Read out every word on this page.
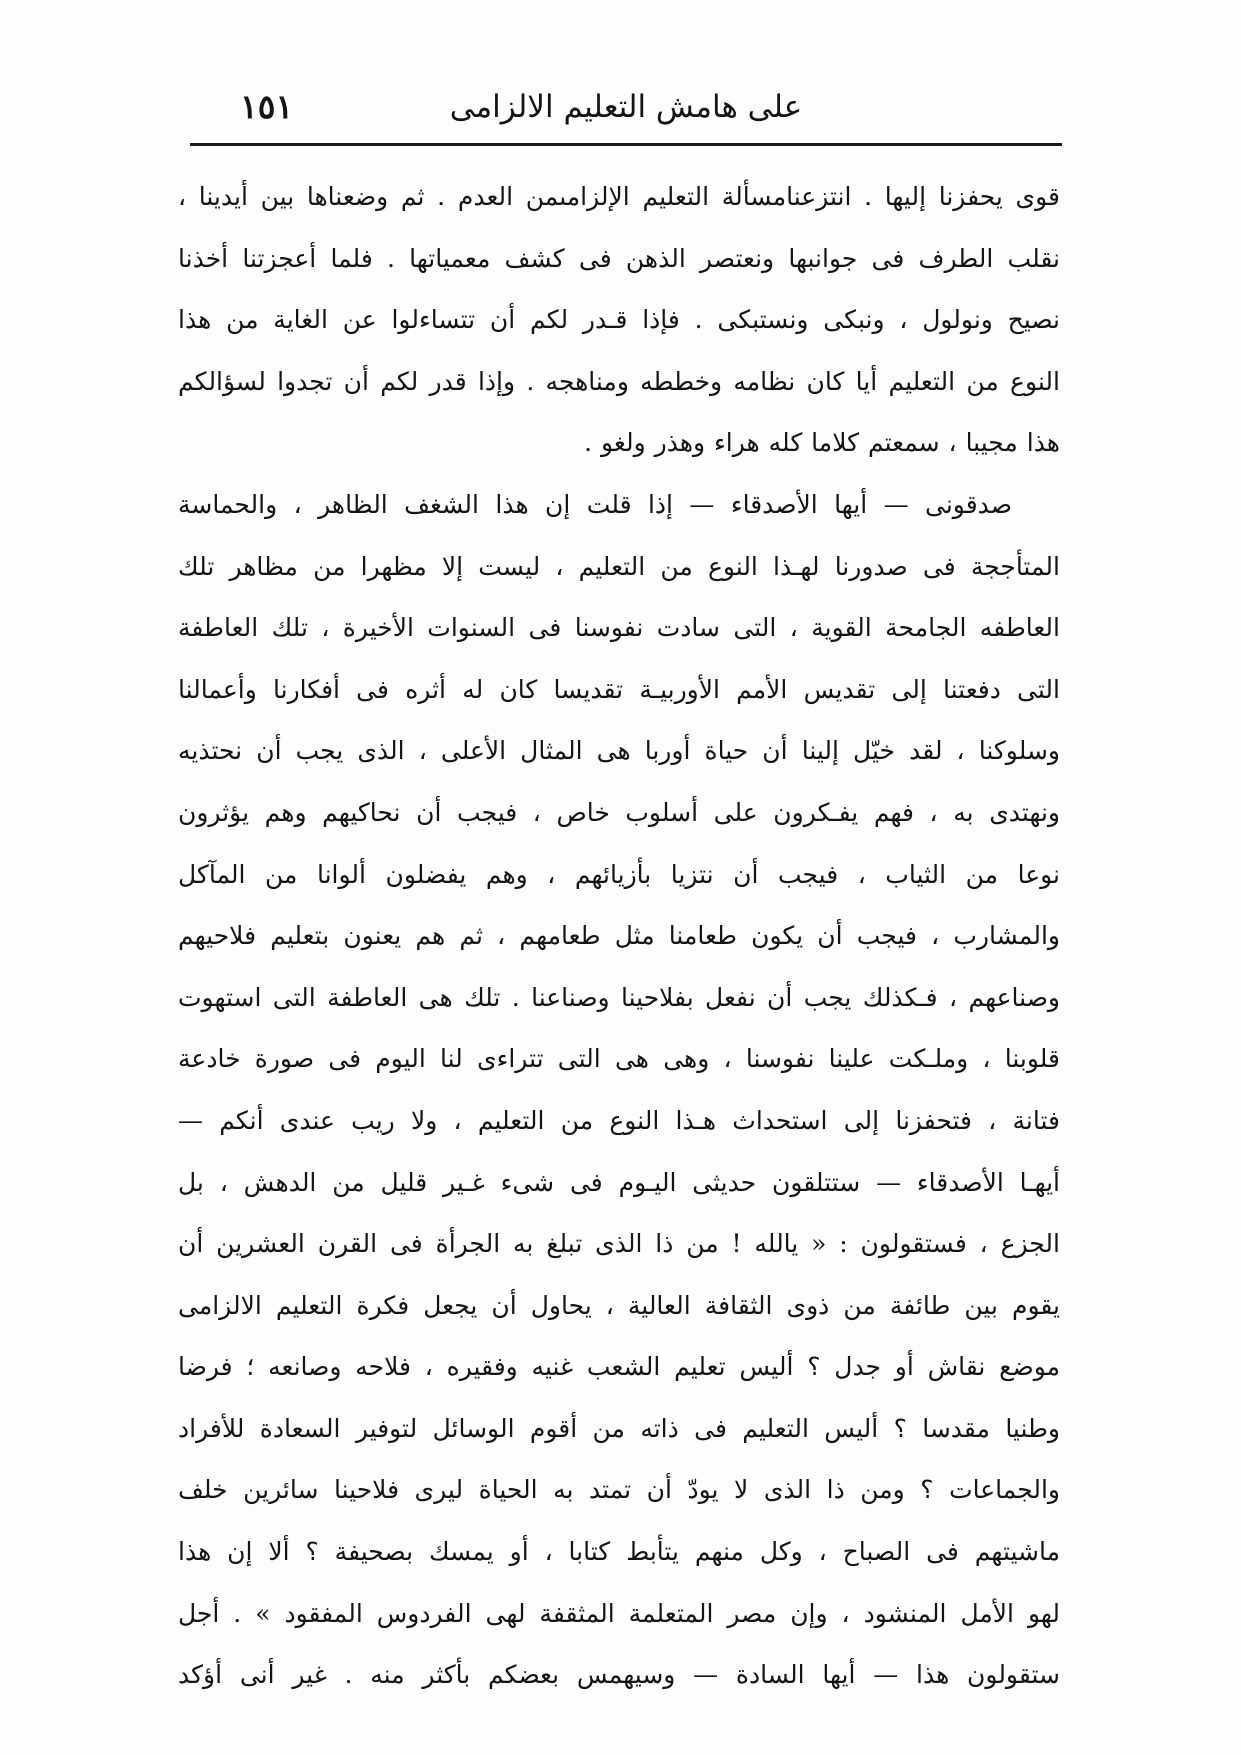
على هامش التعليم الالزامى
١٥١
قوى يحفزنا إليها . انتزعنامسألة التعليم الإلزامىمن العدم . ثم وضعناها بين أيدينا ،
نقلب الطرف فى جوانبها ونعتصر الذهن فى كشف معمياتها . فلما أعجزتنا أخذنا
نصيح ونولول ، ونبكى ونستبكى . فإذا قـدر لكم أن تتساءلوا عن الغاية من هذا
النوع من التعليم أيا كان نظامه وخططه ومناهجه . وإذا قدر لكم أن تجدوا لسؤالكم
هذا مجيبا ، سمعتم كلاما كله هراء وهذر ولغو .
صدقونى — أيها الأصدقاء — إذا قلت إن هذا الشغف الظاهر ، والحماسة
المتأججة فى صدورنا لهـذا النوع من التعليم ، ليست إلا مظهرا من مظاهر تلك
العاطفه الجامحة القوية ، التى سادت نفوسنا فى السنوات الأخيرة ، تلك العاطفة
التى دفعتنا إلى تقديس الأمم الأوربيـة تقديسا كان له أثره فى أفكارنا وأعمالنا
وسلوكنا ، لقد خيّل إلينا أن حياة أوربا هى المثال الأعلى ، الذى يجب أن نحتذيه
ونهتدى به ، فهم يفـكرون على أسلوب خاص ، فيجب أن نحاكيهم وهم يؤثرون
نوعا من الثياب ، فيجب أن نتزيا بأزيائهم ، وهم يفضلون ألوانا من المآكل
والمشارب ، فيجب أن يكون طعامنا مثل طعامهم ، ثم هم يعنون بتعليم فلاحيهم
وصناعهم ، فـكذلك يجب أن نفعل بفلاحينا وصناعنا . تلك هى العاطفة التى استهوت
قلوبنا ، وملـكت علينا نفوسنا ، وهى هى التى تتراءى لنا اليوم فى صورة خادعة
فتانة ، فتحفزنا إلى استحداث هـذا النوع من التعليم ، ولا ريب عندى أنكم —
أيهـا الأصدقاء — ستتلقون حديثى اليـوم فى شىء غـير قليل من الدهش ، بل
الجزع ، فستقولون : « يالله ! من ذا الذى تبلغ به الجرأة فى القرن العشرين أن
يقوم بين طائفة من ذوى الثقافة العالية ، يحاول أن يجعل فكرة التعليم الالزامى
موضع نقاش أو جدل ؟ أليس تعليم الشعب غنيه وفقيره ، فلاحه وصانعه ؛ فرضا
وطنيا مقدسا ؟ أليس التعليم فى ذاته من أقوم الوسائل لتوفير السعادة للأفراد
والجماعات ؟ ومن ذا الذى لا يودّ أن تمتد به الحياة ليرى فلاحينا سائرين خلف
ماشيتهم فى الصباح ، وكل منهم يتأبط كتابا ، أو يمسك بصحيفة ؟ ألا إن هذا
لهو الأمل المنشود ، وإن مصر المتعلمة المثقفة لهى الفردوس المفقود » . أجل
ستقولون هذا — أيها السادة — وسيهمس بعضكم بأكثر منه . غير أنى أؤكد
